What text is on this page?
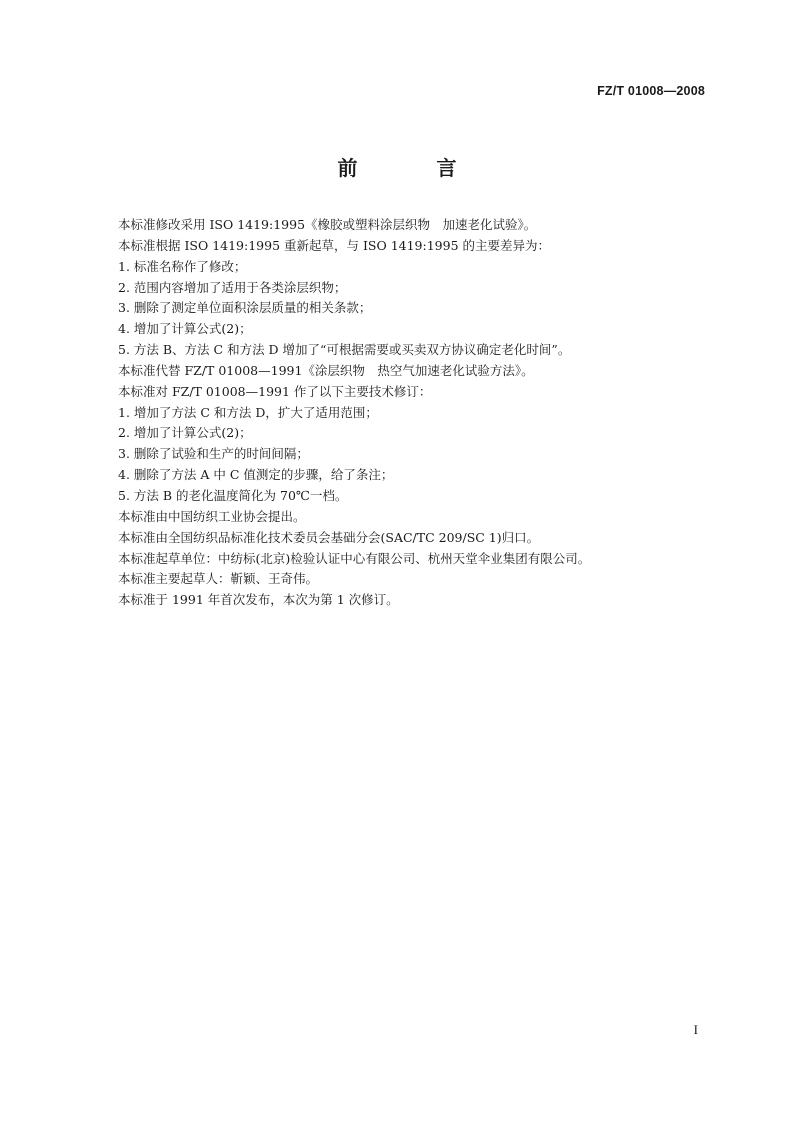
FZ/T 01008—2008
前 言

本标准修改采用 ISO 1419:1995《橡胶或塑料涂层织物　加速老化试验》。

本标准根据 ISO 1419:1995 重新起草，与 ISO 1419:1995 的主要差异为：

1. 标准名称作了修改；

2. 范围内容增加了适用于各类涂层织物；

3. 删除了测定单位面积涂层质量的相关条款；

4. 增加了计算公式(2)；

5. 方法 B、方法 C 和方法 D 增加了“可根据需要或买卖双方协议确定老化时间”。

本标准代替 FZ/T 01008—1991《涂层织物　热空气加速老化试验方法》。

本标准对 FZ/T 01008—1991 作了以下主要技术修订：

1. 增加了方法 C 和方法 D，扩大了适用范围；

2. 增加了计算公式(2)；

3. 删除了试验和生产的时间间隔；

4. 删除了方法 A 中 C 值测定的步骤，给了条注；

5. 方法 B 的老化温度简化为 70℃一档。

本标准由中国纺织工业协会提出。

本标准由全国纺织品标准化技术委员会基础分会(SAC/TC 209/SC 1)归口。

本标准起草单位：中纺标(北京)检验认证中心有限公司、杭州天堂伞业集团有限公司。

本标准主要起草人：靳颖、王奇伟。

本标准于 1991 年首次发布，本次为第 1 次修订。

I
